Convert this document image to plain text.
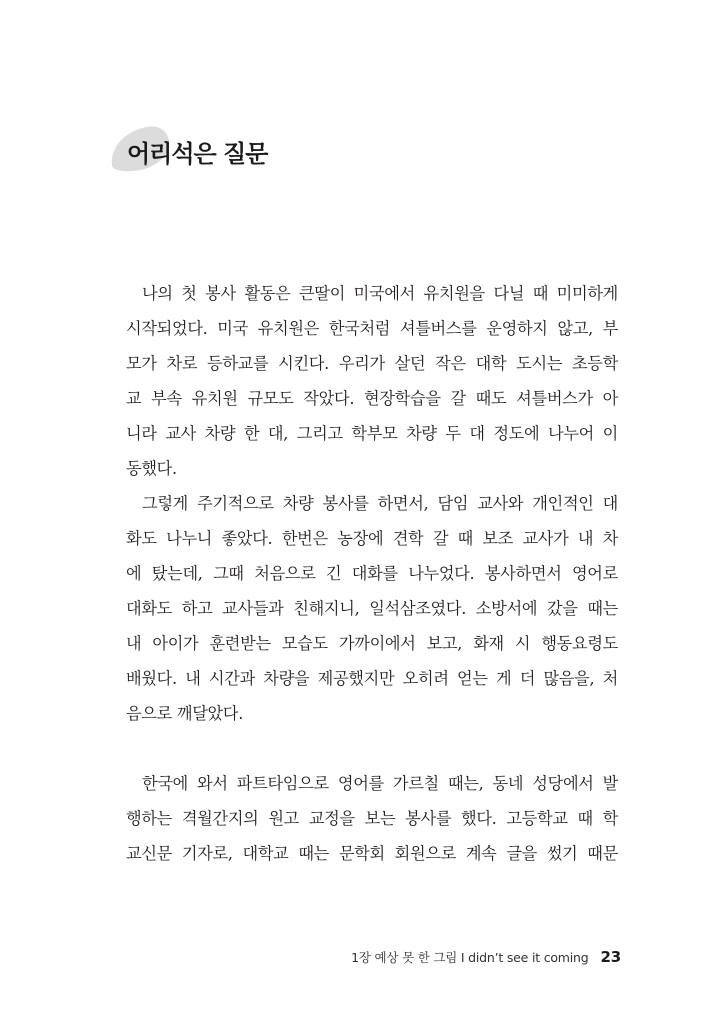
어리석은 질문
나의 첫 봉사 활동은 큰딸이 미국에서 유치원을 다닐 때 미미하게
시작되었다. 미국 유치원은 한국처럼 셔틀버스를 운영하지 않고, 부
모가 차로 등하교를 시킨다. 우리가 살던 작은 대학 도시는 초등학
교 부속 유치원 규모도 작았다. 현장학습을 갈 때도 셔틀버스가 아
니라 교사 차량 한 대, 그리고 학부모 차량 두 대 정도에 나누어 이
동했다.
그렇게 주기적으로 차량 봉사를 하면서, 담임 교사와 개인적인 대
화도 나누니 좋았다. 한번은 농장에 견학 갈 때 보조 교사가 내 차
에 탔는데, 그때 처음으로 긴 대화를 나누었다. 봉사하면서 영어로
대화도 하고 교사들과 친해지니, 일석삼조였다. 소방서에 갔을 때는
내 아이가 훈련받는 모습도 가까이에서 보고, 화재 시 행동요령도
배웠다. 내 시간과 차량을 제공했지만 오히려 얻는 게 더 많음을, 처
음으로 깨달았다.
한국에 와서 파트타임으로 영어를 가르칠 때는, 동네 성당에서 발
행하는 격월간지의 원고 교정을 보는 봉사를 했다. 고등학교 때 학
교신문 기자로, 대학교 때는 문학회 회원으로 계속 글을 썼기 때문
1장 예상 못 한 그림 I didn’t see it coming 23
